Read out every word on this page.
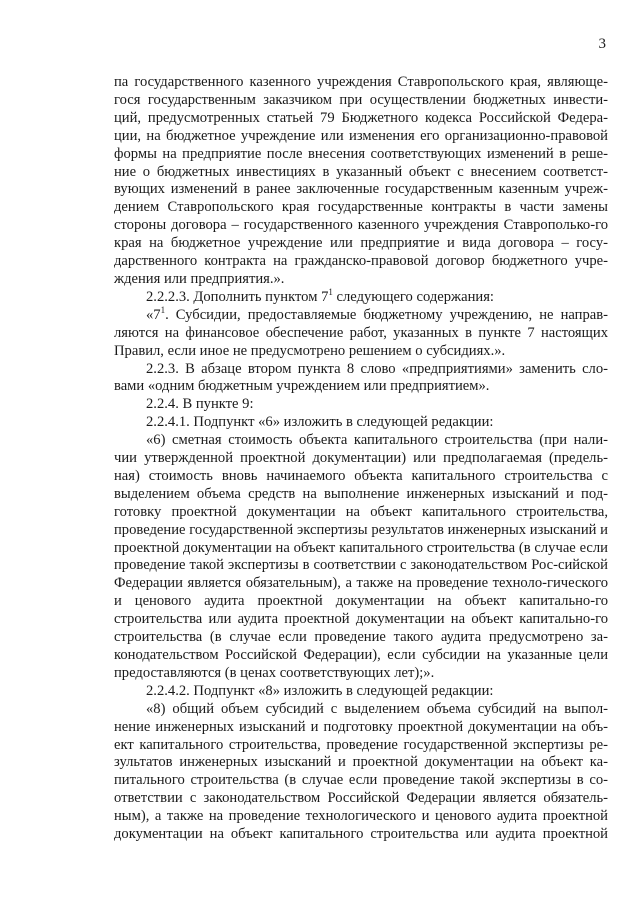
3

па государственного казенного учреждения Ставропольского края, являюще-гося государственным заказчиком при осуществлении бюджетных инвести-ций, предусмотренных статьей 79 Бюджетного кодекса Российской Федера-ции, на бюджетное учреждение или изменения его организационно-правовой формы на предприятие после внесения соответствующих изменений в реше-ние о бюджетных инвестициях в указанный объект с внесением соответст-вующих изменений в ранее заключенные государственным казенным учреж-дением Ставропольского края государственные контракты в части замены стороны договора – государственного казенного учреждения Ставрополько-го края на бюджетное учреждение или предприятие и вида договора – госу-дарственного контракта на гражданско-правовой договор бюджетного учре-ждения или предприятия.».

2.2.2.3. Дополнить пунктом $7^1$ следующего содержания:

«$7^1$. Субсидии, предоставляемые бюджетному учреждению, не направ-ляются на финансовое обеспечение работ, указанных в пункте 7 настоящих Правил, если иное не предусмотрено решением о субсидиях.».

2.2.3. В абзаце втором пункта 8 слово «предприятиями» заменить сло-вами «одним бюджетным учреждением или предприятием».

2.2.4. В пункте 9:

2.2.4.1. Подпункт «6» изложить в следующей редакции:

«6) сметная стоимость объекта капитального строительства (при нали-чии утвержденной проектной документации) или предполагаемая (предель-ная) стоимость вновь начинаемого объекта капитального строительства с выделением объема средств на выполнение инженерных изысканий и под-готовку проектной документации на объект капитального строительства, проведение государственной экспертизы результатов инженерных изысканий и проектной документации на объект капитального строительства (в случае если проведение такой экспертизы в соответствии с законодательством Рос-сийской Федерации является обязательным), а также на проведение техноло-гического и ценового аудита проектной документации на объект капитально-го строительства или аудита проектной документации на объект капитально-го строительства (в случае если проведение такого аудита предусмотрено за-конодательством Российской Федерации), если субсидии на указанные цели предоставляются (в ценах соответствующих лет);».

2.2.4.2. Подпункт «8» изложить в следующей редакции:

«8) общий объем субсидий с выделением объема субсидий на выпол-нение инженерных изысканий и подготовку проектной документации на объ-ект капитального строительства, проведение государственной экспертизы ре-зультатов инженерных изысканий и проектной документации на объект ка-питального строительства (в случае если проведение такой экспертизы в со-ответствии с законодательством Российской Федерации является обязатель-ным), а также на проведение технологического и ценового аудита проектной документации на объект капитального строительства или аудита проектной
